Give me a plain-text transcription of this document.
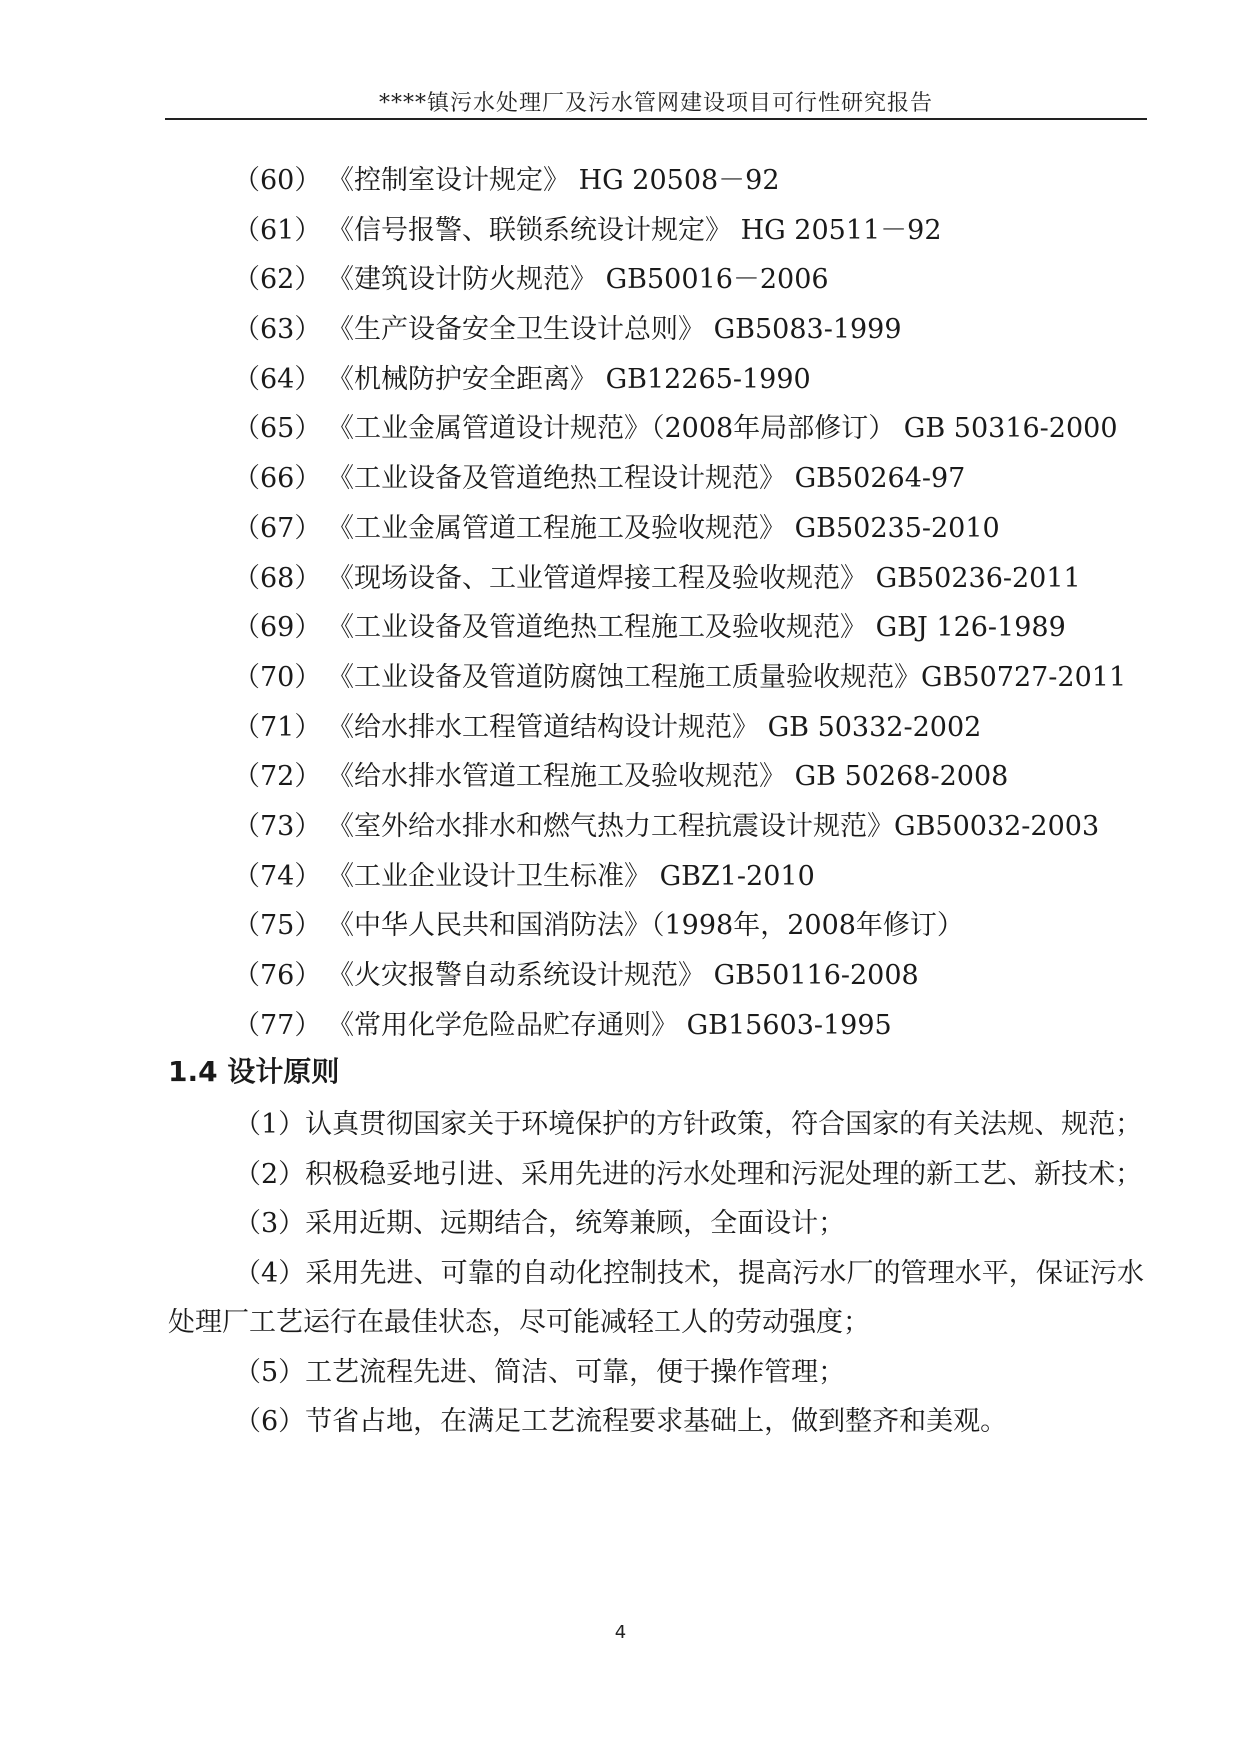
****镇污水处理厂及污水管网建设项目可行性研究报告
（60） 《控制室设计规定》 HG 20508－92
（61） 《信号报警、联锁系统设计规定》 HG 20511－92
（62） 《建筑设计防火规范》 GB50016－2006
（63） 《生产设备安全卫生设计总则》 GB5083-1999
（64） 《机械防护安全距离》 GB12265-1990
（65） 《工业金属管道设计规范》（2008年局部修订） GB 50316-2000
（66） 《工业设备及管道绝热工程设计规范》 GB50264-97
（67） 《工业金属管道工程施工及验收规范》 GB50235-2010
（68） 《现场设备、工业管道焊接工程及验收规范》 GB50236-2011
（69） 《工业设备及管道绝热工程施工及验收规范》 GBJ 126-1989
（70） 《工业设备及管道防腐蚀工程施工质量验收规范》GB50727-2011
（71） 《给水排水工程管道结构设计规范》 GB 50332-2002
（72） 《给水排水管道工程施工及验收规范》 GB 50268-2008
（73） 《室外给水排水和燃气热力工程抗震设计规范》GB50032-2003
（74） 《工业企业设计卫生标准》 GBZ1-2010
（75） 《中华人民共和国消防法》（1998年，2008年修订）
（76） 《火灾报警自动系统设计规范》 GB50116-2008
（77） 《常用化学危险品贮存通则》 GB15603-1995
1.4 设计原则

（1）认真贯彻国家关于环境保护的方针政策，符合国家的有关法规、规范；

（2）积极稳妥地引进、采用先进的污水处理和污泥处理的新工艺、新技术；

（3）采用近期、远期结合，统筹兼顾，全面设计；

（4）采用先进、可靠的自动化控制技术，提高污水厂的管理水平，保证污水处理厂工艺运行在最佳状态，尽可能减轻工人的劳动强度；

（5）工艺流程先进、简洁、可靠，便于操作管理；

（6）节省占地，在满足工艺流程要求基础上，做到整齐和美观。

4
